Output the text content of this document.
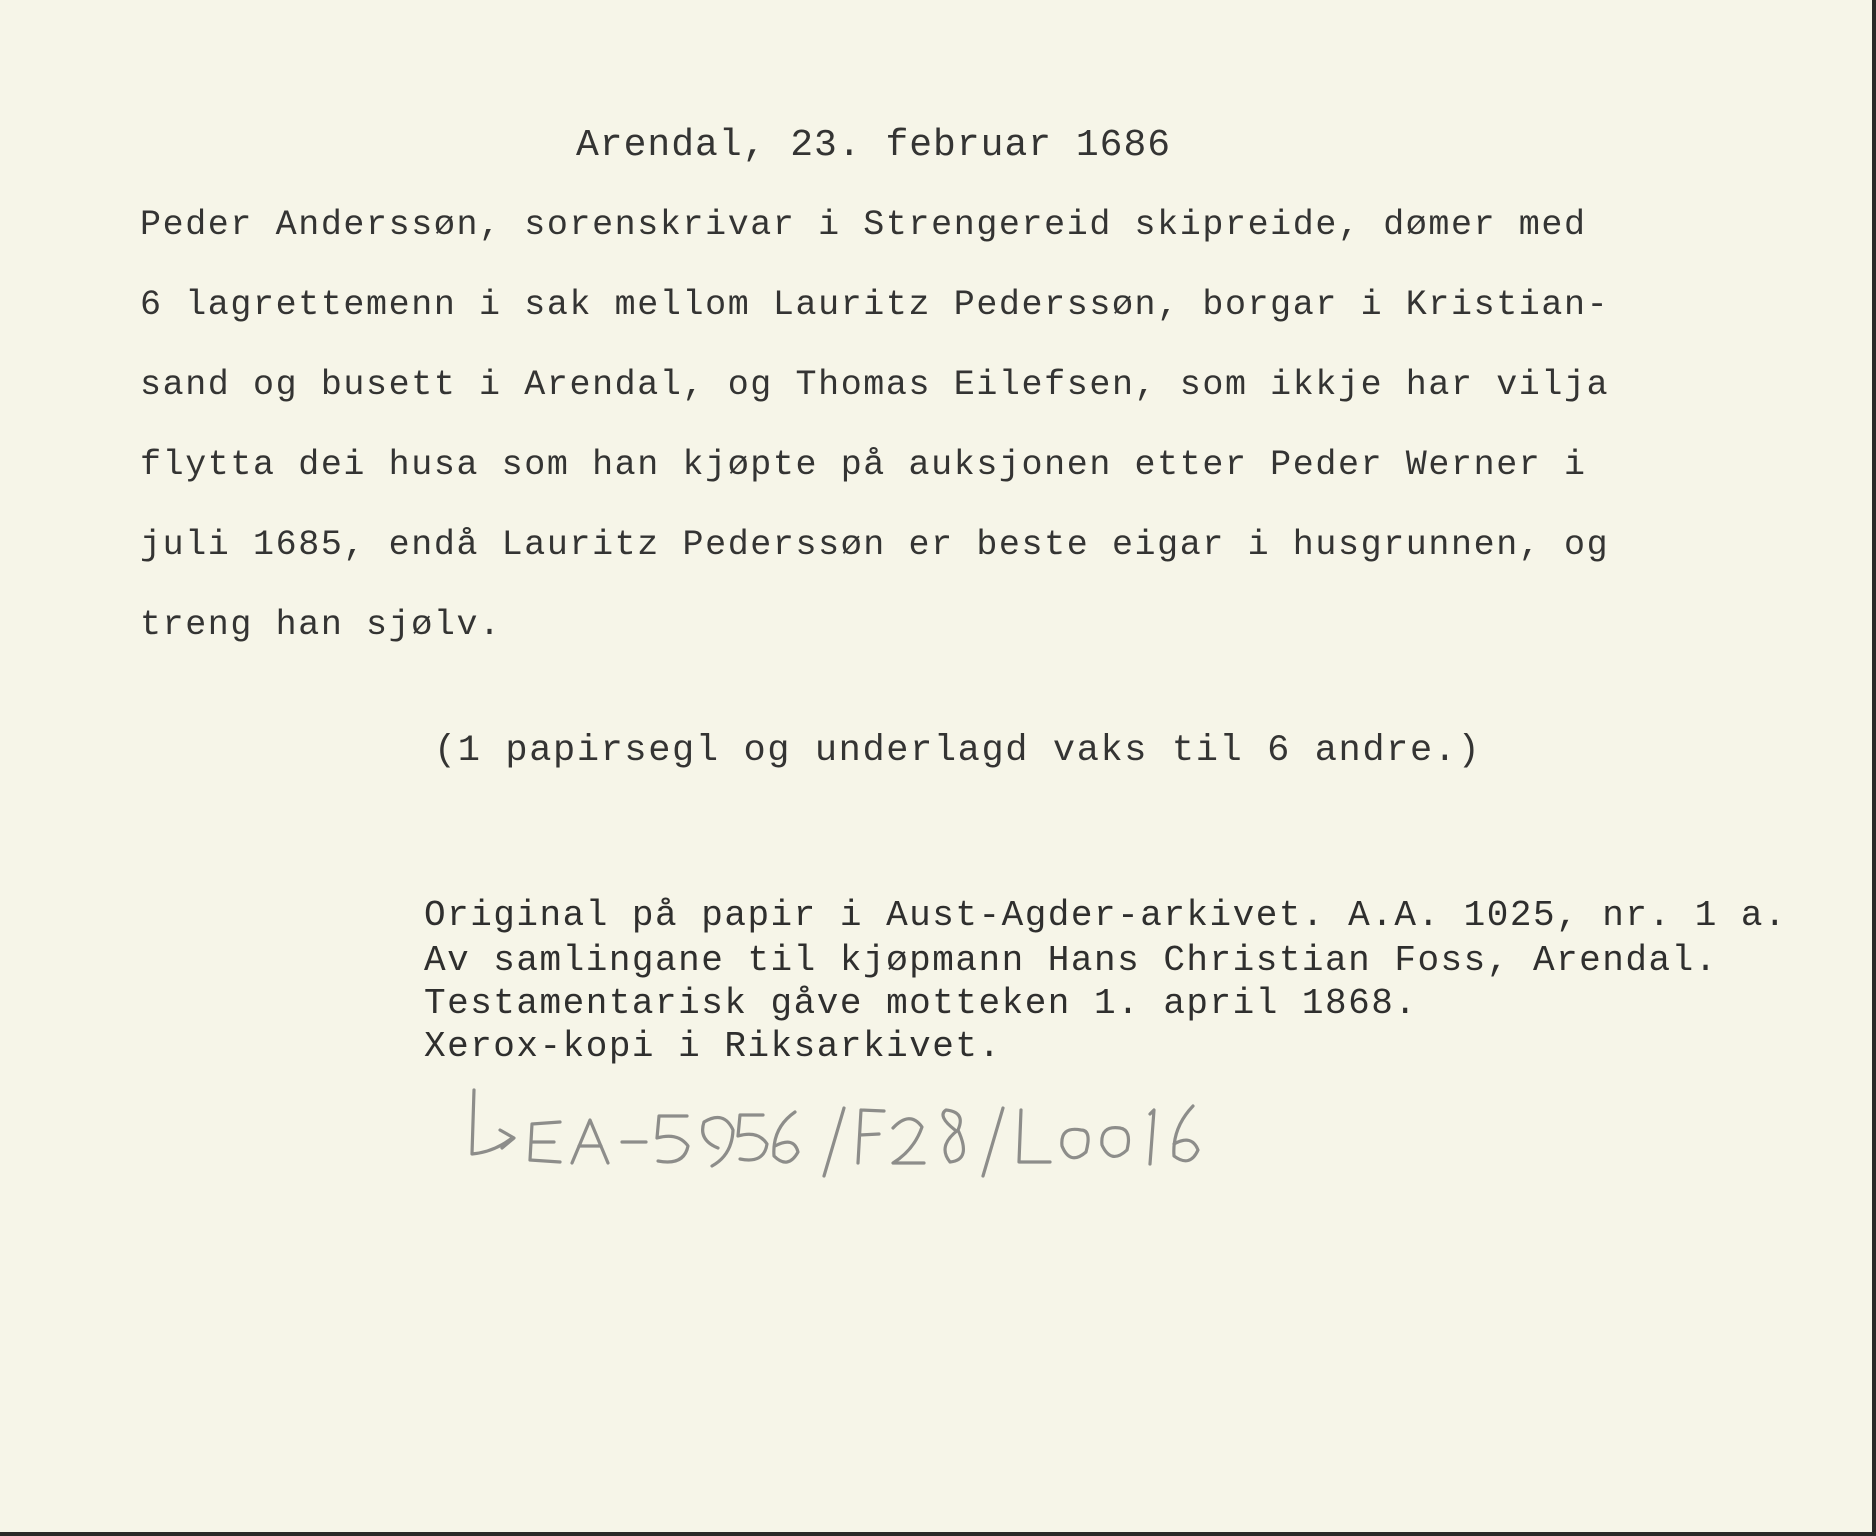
Arendal, 23. februar 1686
Peder Anderssøn, sorenskrivar i Strengereid skipreide, dømer med
6 lagrettemenn i sak mellom Lauritz Pederssøn, borgar i Kristian-
sand og busett i Arendal, og Thomas Eilefsen, som ikkje har vilja
flytta dei husa som han kjøpte på auksjonen etter Peder Werner i
juli 1685, endå Lauritz Pederssøn er beste eigar i husgrunnen, og
treng han sjølv.
(1 papirsegl og underlagd vaks til 6 andre.)
Original på papir i Aust-Agder-arkivet. A.A. 1025, nr. 1 a.
Av samlingane til kjøpmann Hans Christian Foss, Arendal.
Testamentarisk gåve motteken 1. april 1868.
Xerox-kopi i Riksarkivet.
